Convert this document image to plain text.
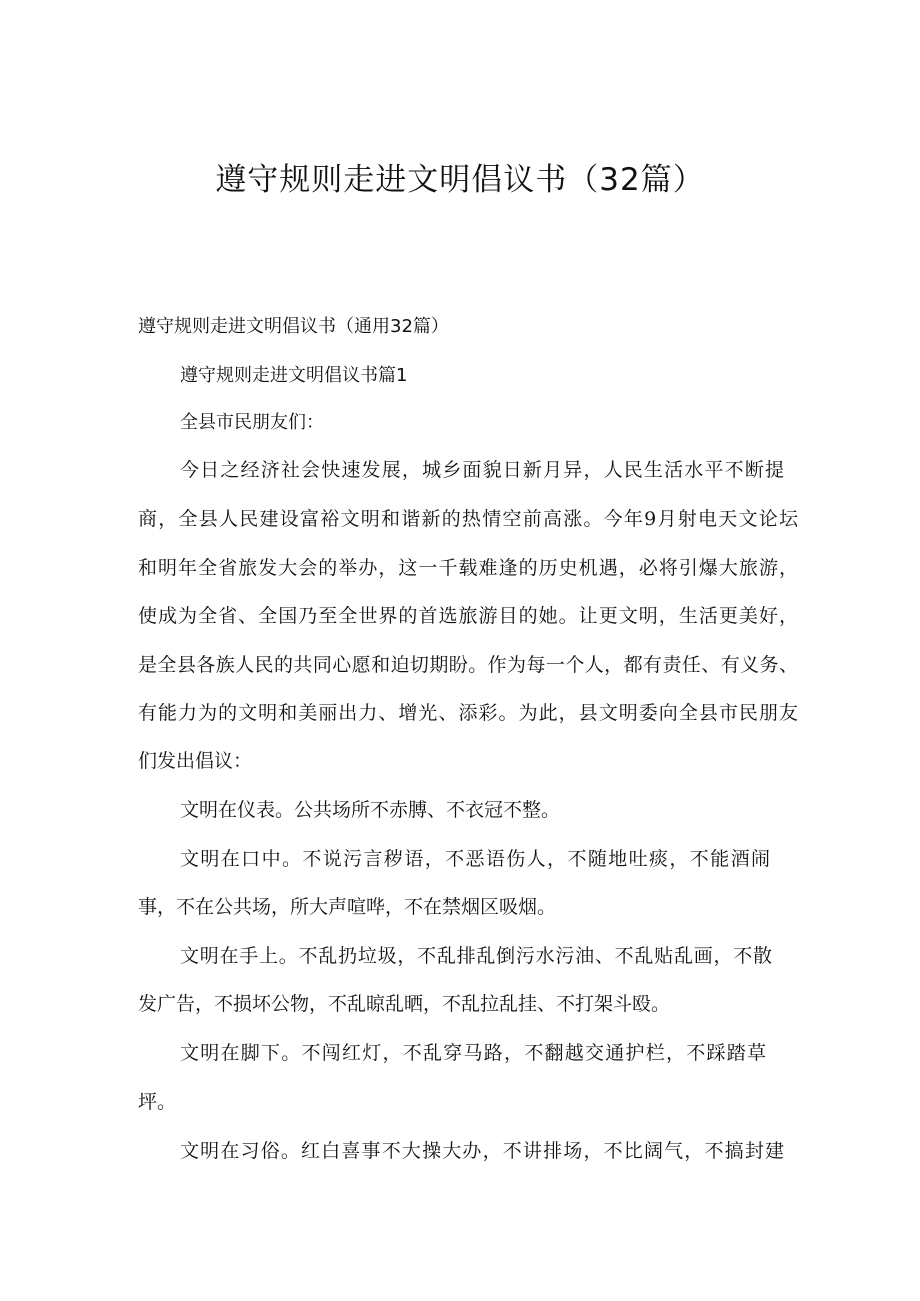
遵守规则走进文明倡议书（32篇）
遵守规则走进文明倡议书（通用32篇）
遵守规则走进文明倡议书篇1
全县市民朋友们：
今日之经济社会快速发展，城乡面貌日新月异，人民生活水平不断提
商，全县人民建设富裕文明和谐新的热情空前高涨。今年9月射电天文论坛
和明年全省旅发大会的举办，这一千载难逢的历史机遇，必将引爆大旅游，
使成为全省、全国乃至全世界的首选旅游目的她。让更文明，生活更美好，
是全县各族人民的共同心愿和迫切期盼。作为每一个人，都有责任、有义务、
有能力为的文明和美丽出力、增光、添彩。为此，县文明委向全县市民朋友
们发出倡议：
文明在仪表。公共场所不赤膊、不衣冠不整。
文明在口中。不说污言秽语，不恶语伤人，不随地吐痰，不能酒闹
事，不在公共场，所大声喧哗，不在禁烟区吸烟。
文明在手上。不乱扔垃圾，不乱排乱倒污水污油、不乱贴乱画，不散
发广告，不损坏公物，不乱晾乱晒，不乱拉乱挂、不打架斗殴。
文明在脚下。不闯红灯，不乱穿马路，不翻越交通护栏，不踩踏草
坪。
文明在习俗。红白喜事不大操大办，不讲排场，不比阔气，不搞封建
